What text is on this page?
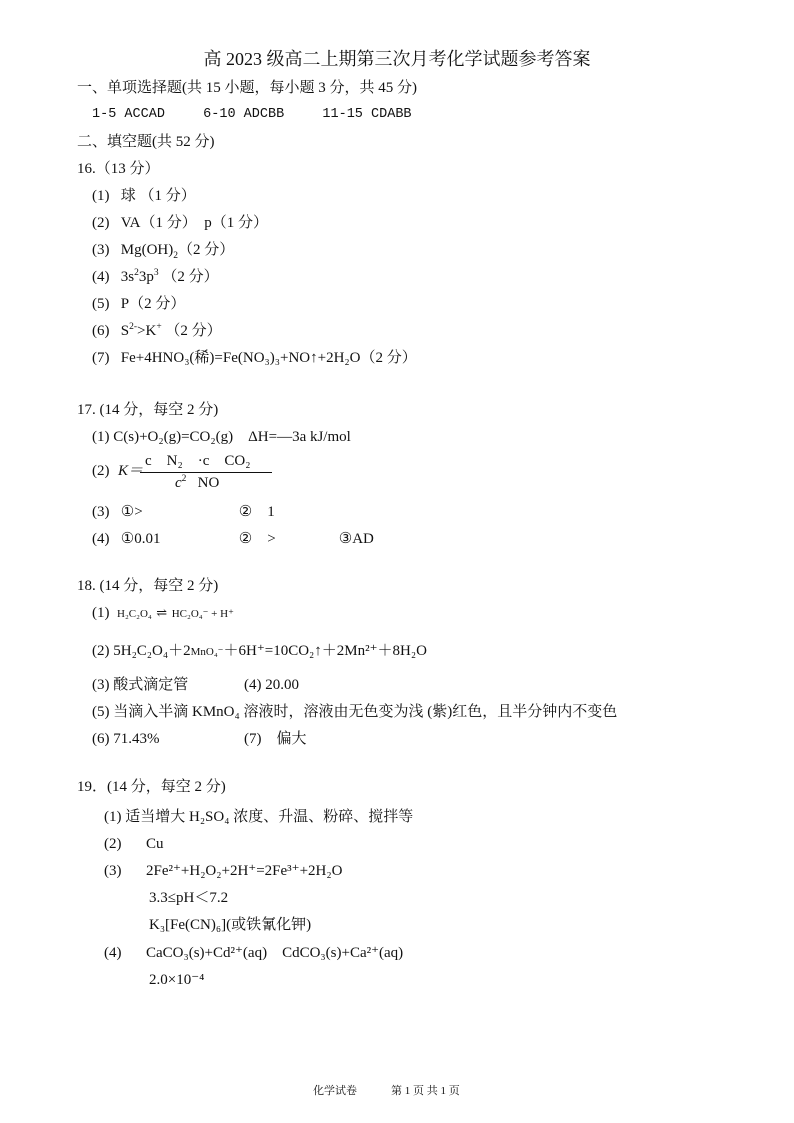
高 2023 级高二上期第三次月考化学试题参考答案
一、单项选择题(共 15 小题，每小题 3 分，共 45 分)
1-5 ACCAD	6-10 ADCBB	11-15 CDABB
二、填空题(共 52 分)
16.（13 分）
(1) 球 （1 分）
(2) VA（1 分）　p（1 分）
(3) $Mg(OH)_2(2$ 分）
(4) $3s^23p^3$ （2 分）
(5) P（2 分）
(6) $S^{2-}>K^+$ （2 分）
(7) Fe+4HNO₃(稀)=Fe(NO₃)₃+NO↑+2H₂O（2 分）
17. (14 分，每空 2 分)
(1) C(s)+O₂(g)=CO₂(g) ΔH=—3a kJ/mol
(2) K＝
c　N₂　·c　CO₂
$c^2$ NO
(3) ①>	②　1
(4) ①0.01	②　>	③AD
18. (14 分，每空 2 分)
(1) H₂C₂O₄ ⇌ HC₂O₄⁻ + H⁺
(2) 5H₂C₂O₄＋2MnO₄⁻＋6H⁺=10CO₂↑＋2Mn²⁺＋8H₂O
(3) 酸式滴定管	(4) 20.00
(5) 当滴入半滴 KMnO₄ 溶液时，溶液由无色变为浅 (紫)红色，且半分钟内不变色
(6) 71.43%	(7)　偏大
19．(14 分，每空 2 分)
(1) 适当增大 H₂SO₄ 浓度、升温、粉碎、搅拌等
(2) Cu
(3) 2Fe²⁺+H₂O₂+2H⁺=2Fe³⁺+2H₂O
3.3≤pH＜7.2
K₃[Fe(CN)₆](或铁氰化钾)
(4) CaCO₃(s)+Cd²⁺(aq) CdCO₃(s)+Ca²⁺(aq)
2.0×10⁻⁴
化学试卷	第 1 页 共 1 页
